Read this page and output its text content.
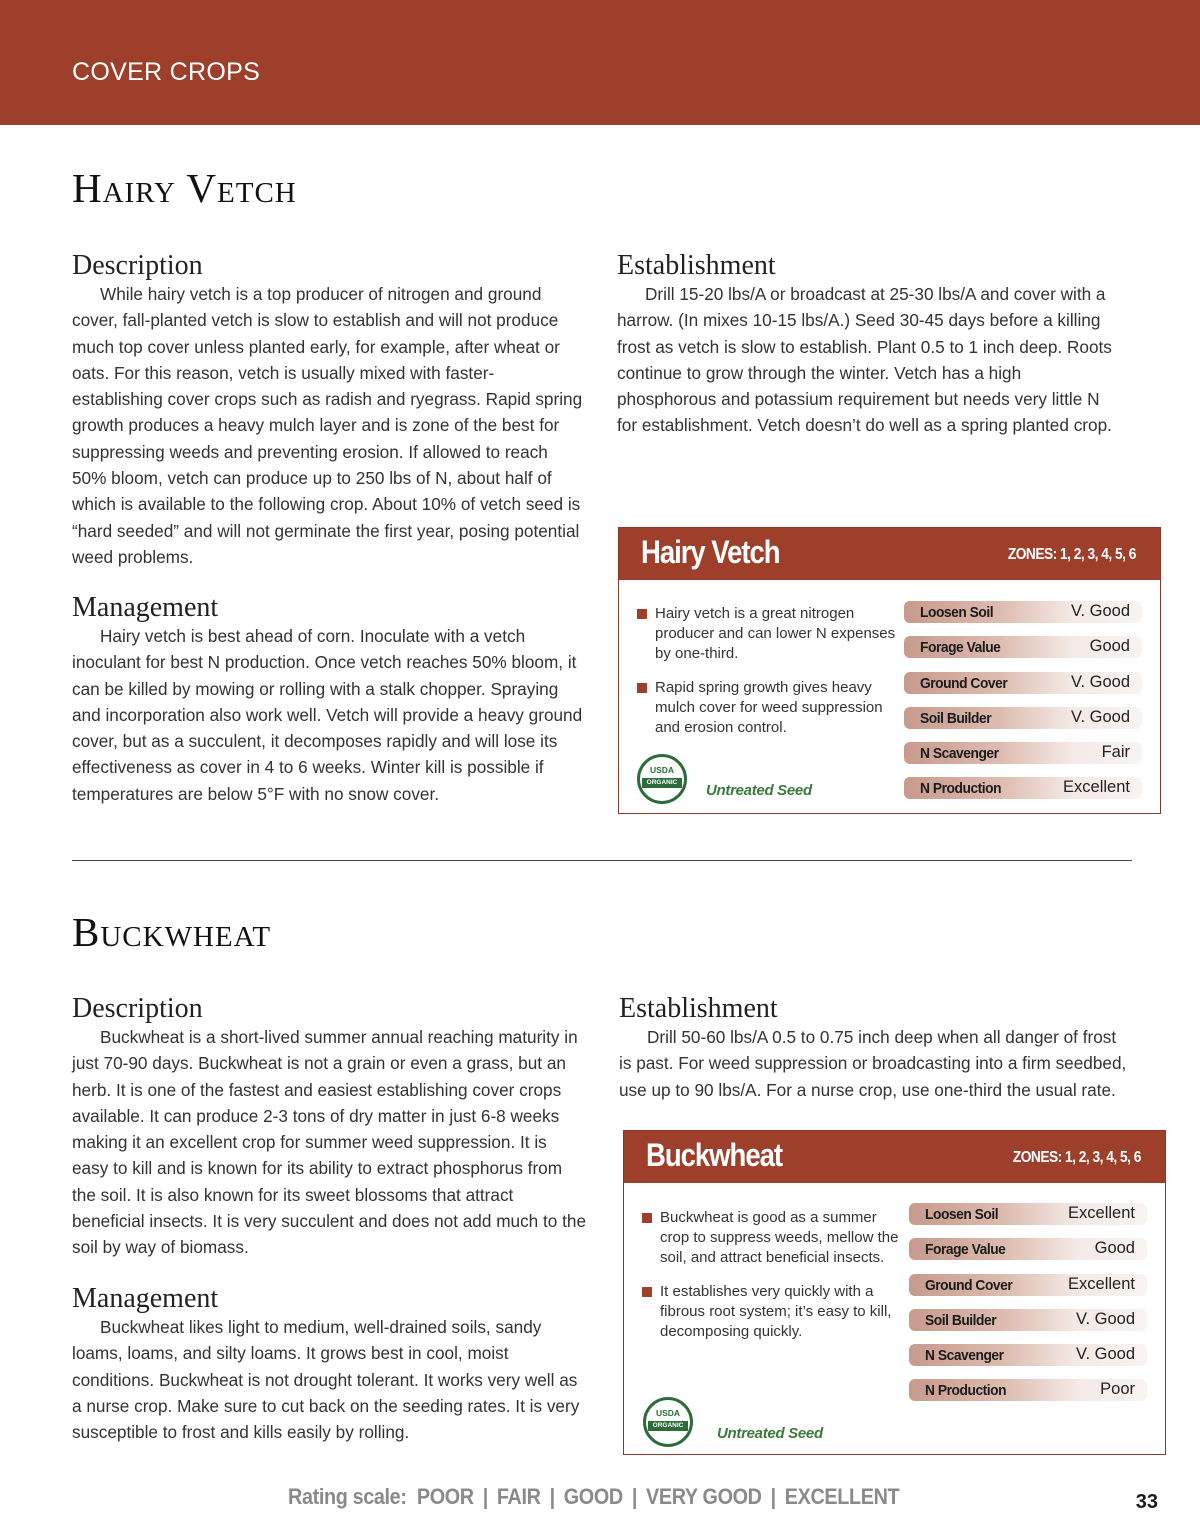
COVER CROPS
Hairy Vetch
Description

While hairy vetch is a top producer of nitrogen and ground cover, fall-planted vetch is slow to establish and will not produce much top cover unless planted early, for example, after wheat or oats. For this reason, vetch is usually mixed with faster-establishing cover crops such as radish and ryegrass. Rapid spring growth produces a heavy mulch layer and is zone of the best for suppressing weeds and preventing erosion. If allowed to reach 50% bloom, vetch can produce up to 250 lbs of N, about half of which is available to the following crop. About 10% of vetch seed is “hard seeded” and will not germinate the first year, posing potential weed problems.

Management

Hairy vetch is best ahead of corn. Inoculate with a vetch inoculant for best N production. Once vetch reaches 50% bloom, it can be killed by mowing or rolling with a stalk chopper. Spraying and incorporation also work well. Vetch will provide a heavy ground cover, but as a succulent, it decomposes rapidly and will lose its effectiveness as cover in 4 to 6 weeks. Winter kill is possible if temperatures are below 5°F with no snow cover.

Establishment

Drill 15-20 lbs/A or broadcast at 25-30 lbs/A and cover with a harrow. (In mixes 10-15 lbs/A.) Seed 30-45 days before a killing frost as vetch is slow to establish. Plant 0.5 to 1 inch deep. Roots continue to grow through the winter. Vetch has a high phosphorous and potassium requirement but needs very little N for establishment. Vetch doesn’t do well as a spring planted crop.

Hairy Vetch	ZONES: 1, 2, 3, 4, 5, 6
Hairy vetch is a great nitrogen producer and can lower N expenses by one-third.
Rapid spring growth gives heavy mulch cover for weed suppression and erosion control.
USDA
ORGANIC	Untreated Seed
Loosen Soil	V. Good
Forage Value	Good
Ground Cover	V. Good
Soil Builder	V. Good
N Scavenger	Fair
N Production	Excellent
Buckwheat
Description

Buckwheat is a short-lived summer annual reaching maturity in just 70-90 days. Buckwheat is not a grain or even a grass, but an herb. It is one of the fastest and easiest establishing cover crops available. It can produce 2-3 tons of dry matter in just 6-8 weeks making it an excellent crop for summer weed suppression. It is easy to kill and is known for its ability to extract phosphorus from the soil. It is also known for its sweet blossoms that attract beneficial insects. It is very succulent and does not add much to the soil by way of biomass.

Management

Buckwheat likes light to medium, well-drained soils, sandy loams, loams, and silty loams. It grows best in cool, moist conditions. Buckwheat is not drought tolerant. It works very well as a nurse crop. Make sure to cut back on the seeding rates. It is very susceptible to frost and kills easily by rolling.

Establishment

Drill 50-60 lbs/A 0.5 to 0.75 inch deep when all danger of frost is past. For weed suppression or broadcasting into a firm seedbed, use up to 90 lbs/A. For a nurse crop, use one-third the usual rate.

Buckwheat	ZONES: 1, 2, 3, 4, 5, 6
Buckwheat is good as a summer crop to suppress weeds, mellow the soil, and attract beneficial insects.
It establishes very quickly with a fibrous root system; it’s easy to kill, decomposing quickly.
USDA
ORGANIC	Untreated Seed
Loosen Soil	Excellent
Forage Value	Good
Ground Cover	Excellent
Soil Builder	V. Good
N Scavenger	V. Good
N Production	Poor
Rating scale: POOR | FAIR | GOOD | VERY GOOD | EXCELLENT	33
